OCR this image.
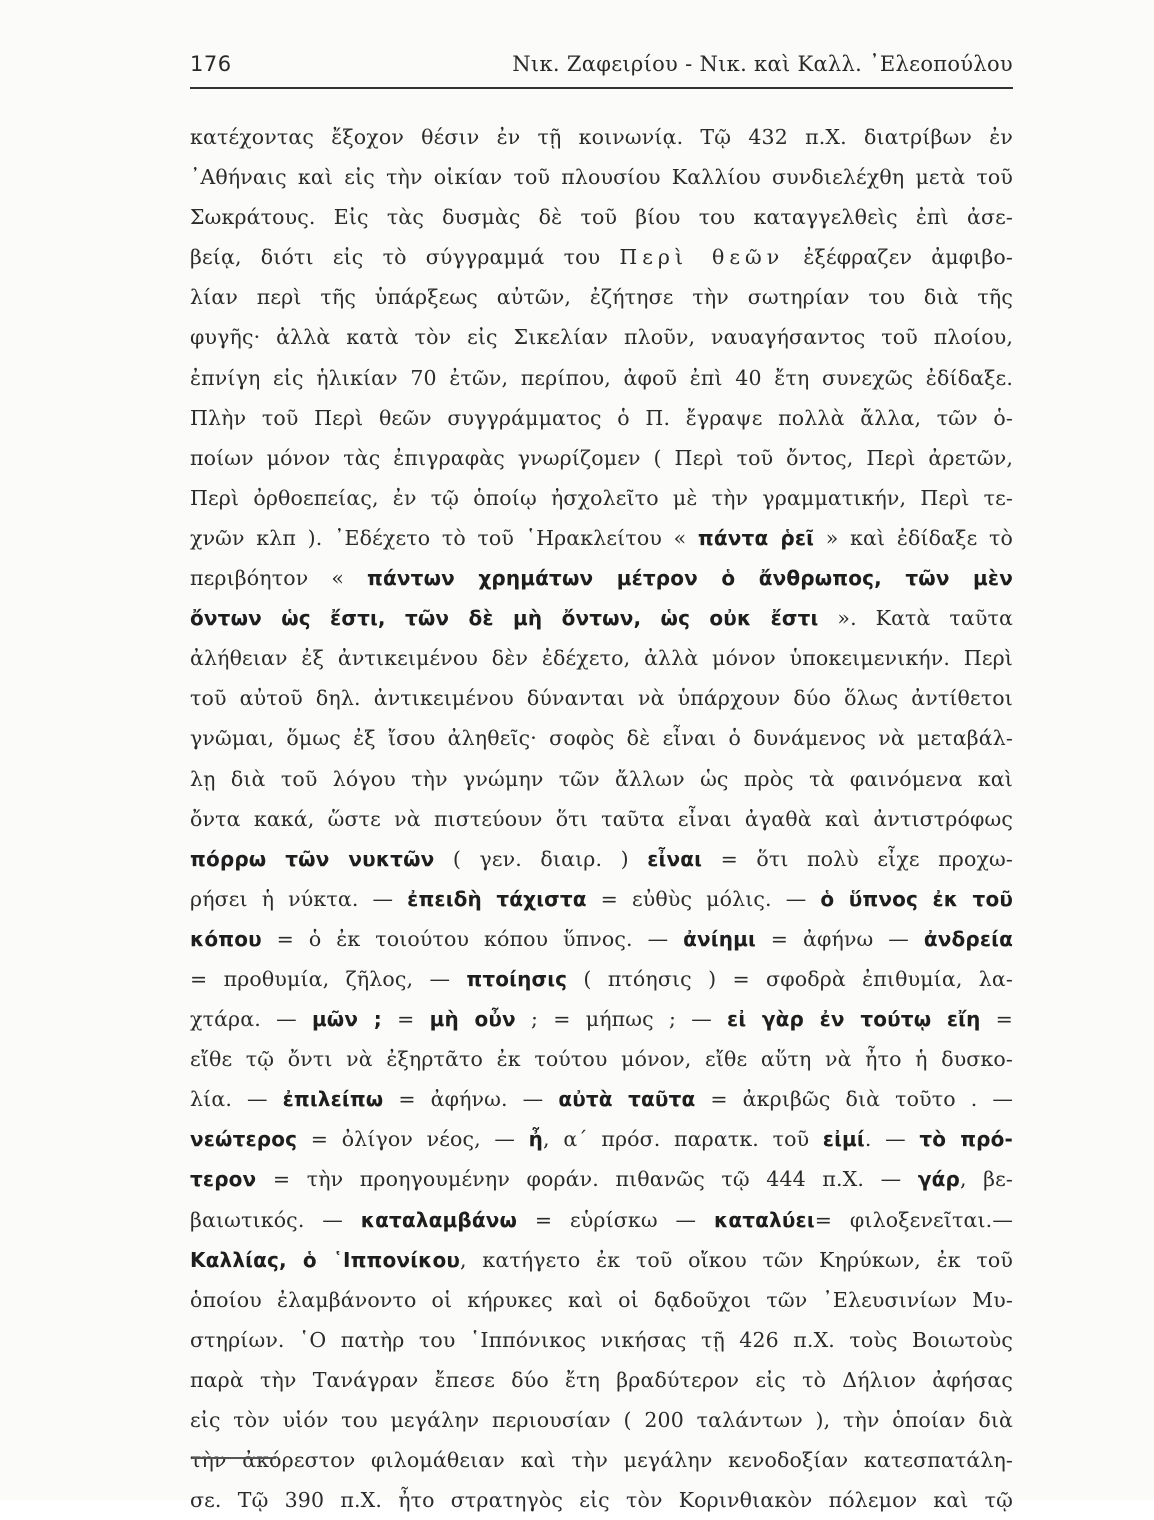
176	Νικ. Ζαφειρίου - Νικ. καὶ Καλλ. ᾿Ελεοπούλου
κατέχοντας ἔξοχον θέσιν ἐν τῇ κοινωνίᾳ. Τῷ 432 π.Χ. διατρίβων ἐν
᾿Αθήναις καὶ εἰς τὴν οἰκίαν τοῦ πλουσίου Καλλίου συνδιελέχθη μετὰ τοῦ
Σωκράτους. Εἰς τὰς δυσμὰς δὲ τοῦ βίου του καταγγελθεὶς ἐπὶ ἀσε-
βείᾳ, διότι εἰς τὸ σύγγραμμά του Περὶ θεῶν ἐξέφραζεν ἀμφιβο-
λίαν περὶ τῆς ὑπάρξεως αὐτῶν, ἐζήτησε τὴν σωτηρίαν του διὰ τῆς
φυγῆς· ἀλλὰ κατὰ τὸν εἰς Σικελίαν πλοῦν, ναυαγήσαντος τοῦ πλοίου,
ἐπνίγη εἰς ἡλικίαν 70 ἐτῶν, περίπου, ἀφοῦ ἐπὶ 40 ἔτη συνεχῶς ἐδίδαξε.
Πλὴν τοῦ Περὶ θεῶν συγγράμματος ὁ Π. ἔγραψε πολλὰ ἄλλα, τῶν ὁ-
ποίων μόνον τὰς ἐπιγραφὰς γνωρίζομεν ( Περὶ τοῦ ὄντος, Περὶ ἀρετῶν,
Περὶ ὀρθοεπείας, ἐν τῷ ὁποίῳ ἠσχολεῖτο μὲ τὴν γραμματικήν, Περὶ τε-
χνῶν κλπ ). ᾿Εδέχετο τὸ τοῦ ῾Ηρακλείτου « πάντα ῥεῖ » καὶ ἐδίδαξε τὸ
περιβόητον « πάντων χρημάτων μέτρον ὁ ἄνθρωπος, τῶν μὲν
ὄντων ὡς ἔστι, τῶν δὲ μὴ ὄντων, ὡς οὐκ ἔστι ». Κατὰ ταῦτα
ἀλήθειαν ἐξ ἀντικειμένου δὲν ἐδέχετο, ἀλλὰ μόνον ὑποκειμενικήν. Περὶ
τοῦ αὐτοῦ δηλ. ἀντικειμένου δύνανται νὰ ὑπάρχουν δύο ὅλως ἀντίθετοι
γνῶμαι, ὅμως ἐξ ἴσου ἀληθεῖς· σοφὸς δὲ εἶναι ὁ δυνάμενος νὰ μεταβάλ-
λῃ διὰ τοῦ λόγου τὴν γνώμην τῶν ἄλλων ὡς πρὸς τὰ φαινόμενα καὶ
ὄντα κακά, ὥστε νὰ πιστεύουν ὅτι ταῦτα εἶναι ἀγαθὰ καὶ ἀντιστρόφως
πόρρω τῶν νυκτῶν ( γεν. διαιρ. ) εἶναι = ὅτι πολὺ εἶχε προχω-
ρήσει ἡ νύκτα. — ἐπειδὴ τάχιστα = εὐθὺς μόλις. — ὁ ὕπνος ἐκ τοῦ
κόπου = ὁ ἐκ τοιούτου κόπου ὕπνος. — ἀνίημι = ἀφήνω — ἀνδρεία
= προθυμία, ζῆλος, — πτοίησις ( πτόησις ) = σφοδρὰ ἐπιθυμία, λα-
χτάρα. — μῶν ; = μὴ οὖν ; = μήπως ; — εἰ γὰρ ἐν τούτῳ εἴη =
εἴθε τῷ ὄντι νὰ ἐξηρτᾶτο ἐκ τούτου μόνον, εἴθε αὕτη νὰ ἦτο ἡ δυσκο-
λία. — ἐπιλείπω = ἀφήνω. — αὐτὰ ταῦτα = ἀκριβῶς διὰ τοῦτο . —
νεώτερος = ὀλίγον νέος, — ἦ, α΄ πρόσ. παρατκ. τοῦ εἰμί. — τὸ πρό-
τερον = τὴν προηγουμένην φοράν. πιθανῶς τῷ 444 π.Χ. — γάρ, βε-
βαιωτικός. — καταλαμβάνω = εὑρίσκω — καταλύει= φιλοξενεῖται.—
Καλλίας, ὁ ῾Ιππονίκου, κατήγετο ἐκ τοῦ οἴκου τῶν Κηρύκων, ἐκ τοῦ
ὁποίου ἐλαμβάνοντο οἱ κήρυκες καὶ οἱ δᾳδοῦχοι τῶν ᾿Ελευσινίων Μυ-
στηρίων. ῾Ο πατὴρ του ῾Ιππόνικος νικήσας τῇ 426 π.Χ. τοὺς Βοιωτοὺς
παρὰ τὴν Τανάγραν ἔπεσε δύο ἔτη βραδύτερον εἰς τὸ Δήλιον ἀφήσας
εἰς τὸν υἱόν του μεγάλην περιουσίαν ( 200 ταλάντων ), τὴν ὁποίαν διὰ
τὴν ἀκόρεστον φιλομάθειαν καὶ τὴν μεγάλην κενοδοξίαν κατεσπατάλη-
σε. Τῷ 390 π.Χ. ἦτο στρατηγὸς εἰς τὸν Κορινθιακὸν πόλεμον καὶ τῷ
